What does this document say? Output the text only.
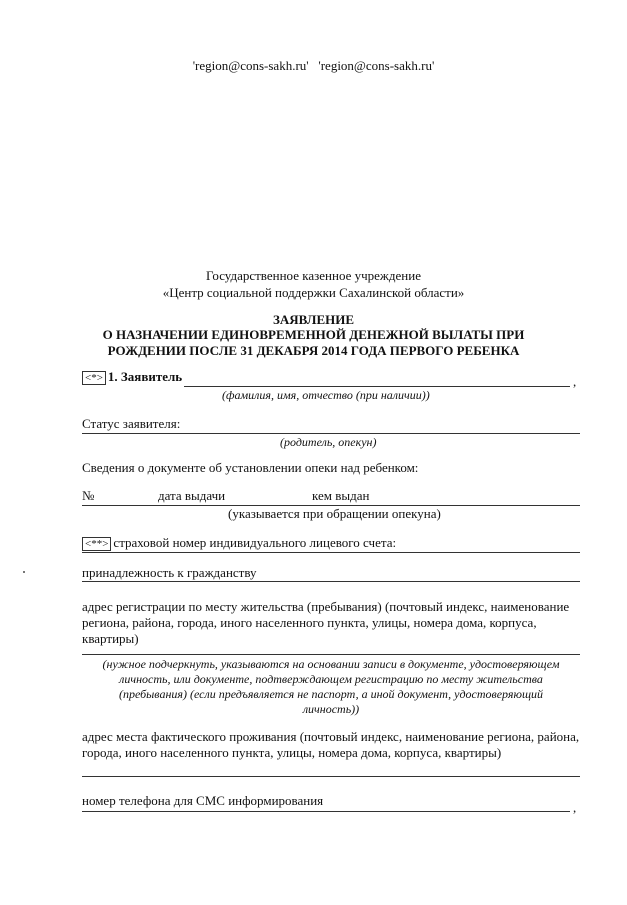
'region@cons-sakh.ru'   'region@cons-sakh.ru'
Государственное казенное учреждение
«Центр социальной поддержки Сахалинской области»
ЗАЯВЛЕНИЕ
О НАЗНАЧЕНИИ ЕДИНОВРЕМЕННОЙ ДЕНЕЖНОЙ ВЫЛАТЫ ПРИ
РОЖДЕНИИ ПОСЛЕ 31 ДЕКАБРЯ 2014 ГОДА ПЕРВОГО РЕБЕНКА
<*> 1. Заявитель	,
(фамилия, имя, отчество (при наличии))
Статус заявителя:
(родитель, опекун)
Сведения о документе об установлении опеки над ребенком:
№	дата выдачи	кем выдан
(указывается при обращении опекуна)
<**> страховой номер индивидуального лицевого счета:
принадлежность к гражданству
адрес регистрации по месту жительства (пребывания) (почтовый индекс, наименование
региона, района, города, иного населенного пункта, улицы, номера дома, корпуса,
квартиры)
(нужное подчеркнуть, указываются на основании записи в документе, удостоверяющем
личность, или документе, подтверждающем регистрацию по месту жительства
(пребывания) (если предъявляется не паспорт, а иной документ, удостоверяющий
личность))
адрес места фактического проживания (почтовый индекс, наименование региона, района,
города, иного населенного пункта, улицы, номера дома, корпуса, квартиры)
номер телефона для СМС информирования	,
